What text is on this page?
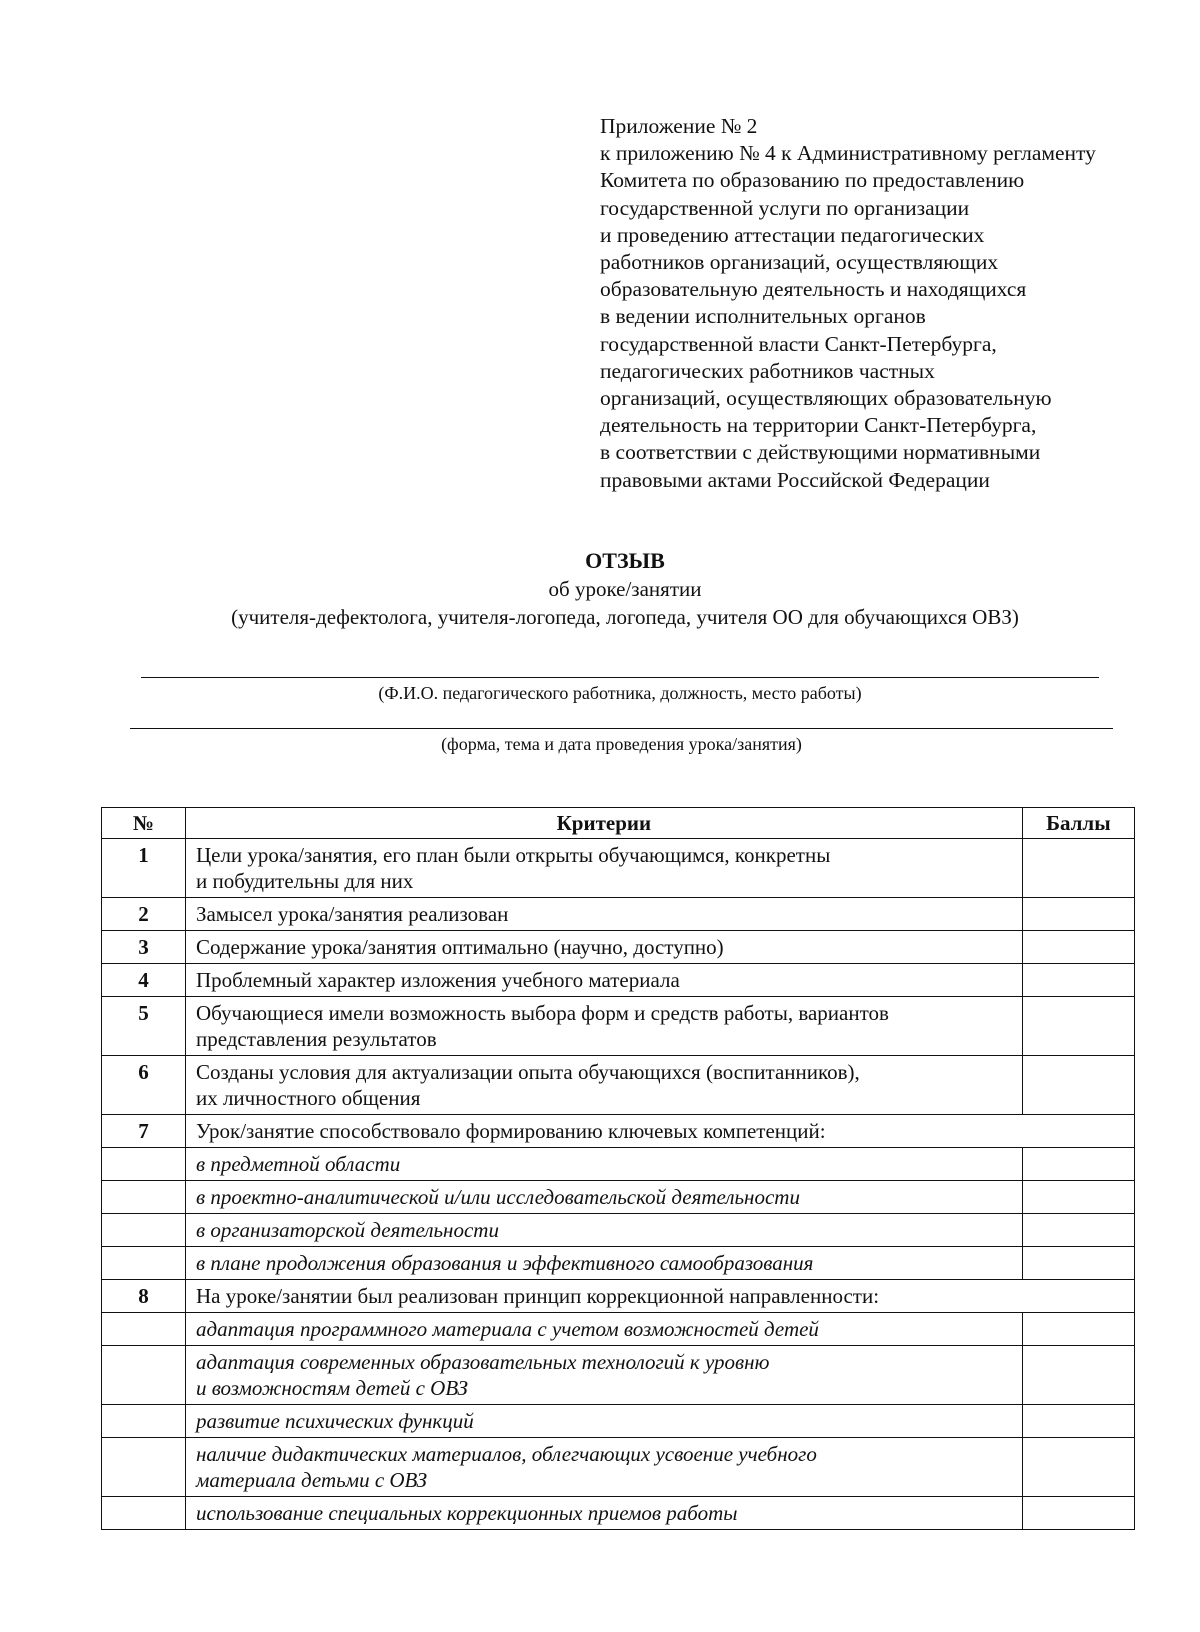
Приложение № 2
к приложению № 4 к Административному регламенту
Комитета по образованию по предоставлению
государственной услуги по организации
и проведению аттестации педагогических
работников организаций, осуществляющих
образовательную деятельность и находящихся
в ведении исполнительных органов
государственной власти Санкт-Петербурга,
педагогических работников частных
организаций, осуществляющих образовательную
деятельность на территории Санкт-Петербурга,
в соответствии с действующими нормативными
правовыми актами Российской Федерации
ОТЗЫВ
об уроке/занятии
(учителя-дефектолога, учителя-логопеда, логопеда, учителя ОО для обучающихся ОВЗ)
(Ф.И.О. педагогического работника, должность, место работы)
(форма, тема и дата проведения урока/занятия)
№	Критерии	Баллы
1	Цели урока/занятия, его план были открыты обучающимся, конкретны
и побудительны для них	
2	Замысел урока/занятия реализован	
3	Содержание урока/занятия оптимально (научно, доступно)	
4	Проблемный характер изложения учебного материала	
5	Обучающиеся имели возможность выбора форм и средств работы, вариантов
представления результатов	
6	Созданы условия для актуализации опыта обучающихся (воспитанников),
их личностного общения	
7	Урок/занятие способствовало формированию ключевых компетенций:	
	в предметной области	
	в проектно-аналитической и/или исследовательской деятельности	
	в организаторской деятельности	
	в плане продолжения образования и эффективного самообразования	
8	На уроке/занятии был реализован принцип коррекционной направленности:	
	адаптация программного материала с учетом возможностей детей	
	адаптация современных образовательных технологий к уровню
и возможностям детей с ОВЗ	
	развитие психических функций	
	наличие дидактических материалов, облегчающих усвоение учебного
материала детьми с ОВЗ	
	использование специальных коррекционных приемов работы	
